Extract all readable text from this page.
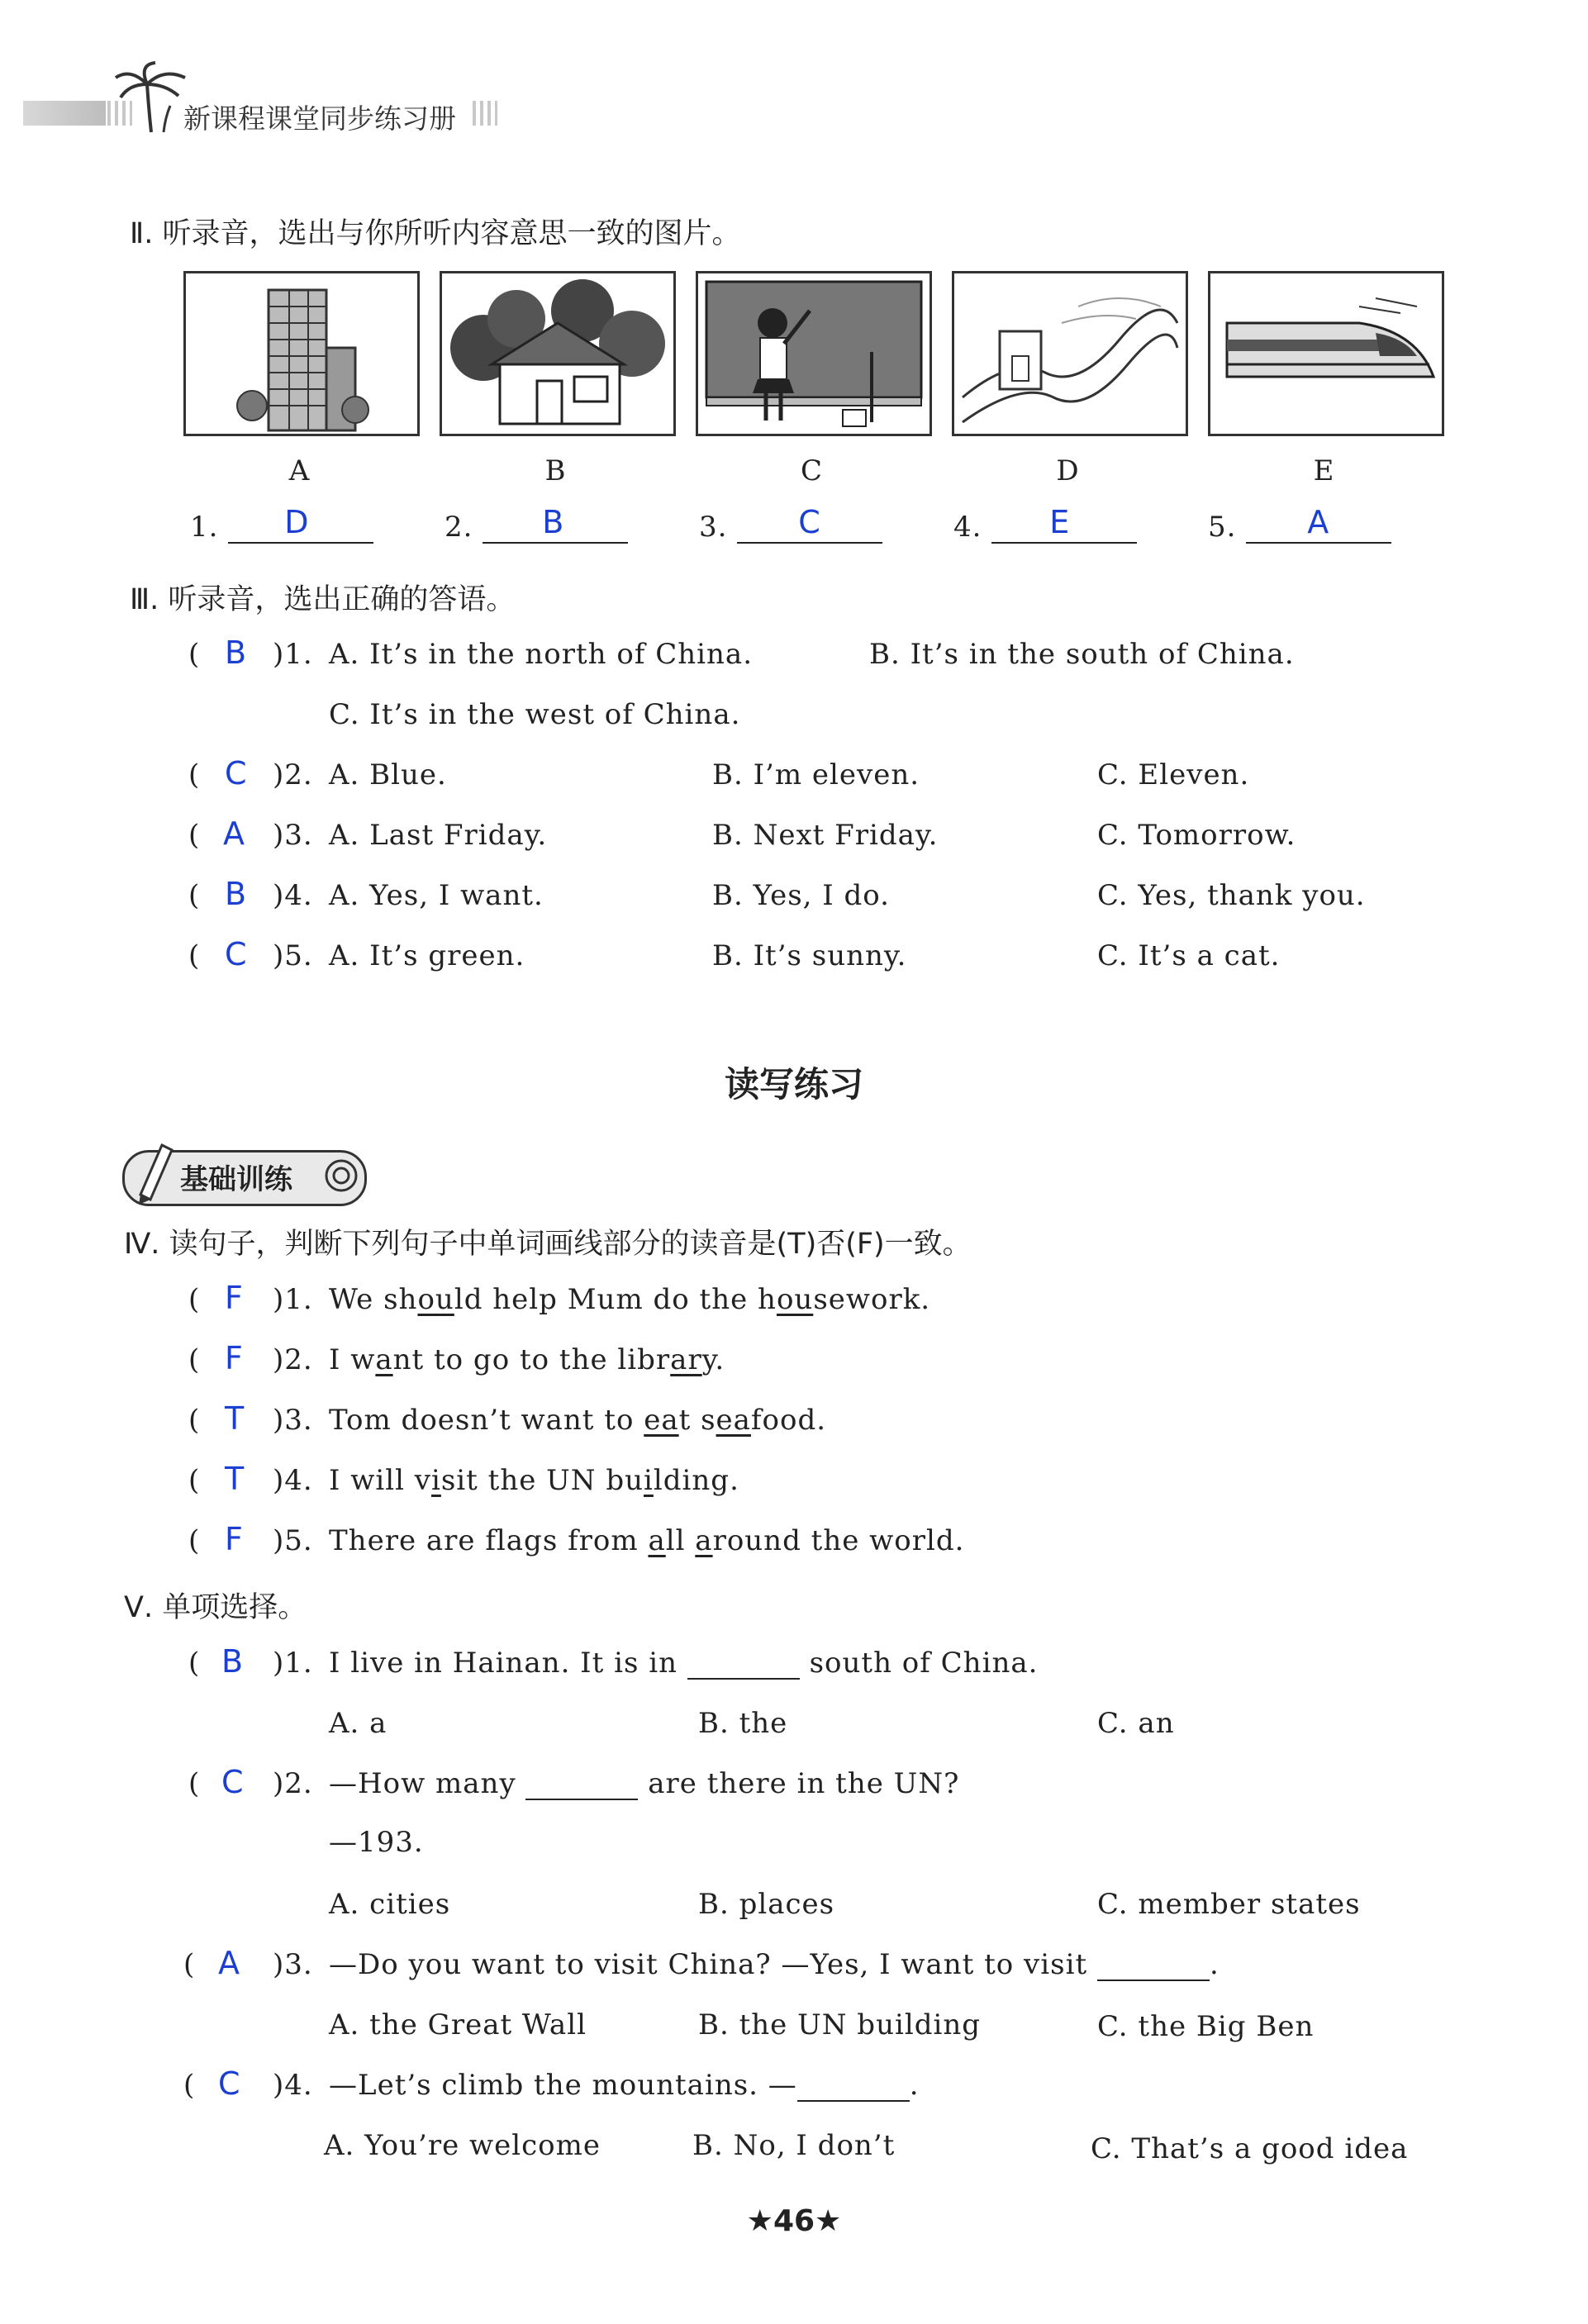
新课程课堂同步练习册
Ⅱ. 听录音，选出与你所听内容意思一致的图片。
A	B	C	D	E
1. D	2. B	3. C	4. E	5. A
Ⅲ. 听录音，选出正确的答语。
( B )1. A. It’s in the north of China.	B. It’s in the south of China.
C. It’s in the west of China.
( C )2. A. Blue.	B. I’m eleven.	C. Eleven.
( A )3. A. Last Friday.	B. Next Friday.	C. Tomorrow.
( B )4. A. Yes, I want.	B. Yes, I do.	C. Yes, thank you.
( C )5. A. It’s green.	B. It’s sunny.	C. It’s a cat.
读写练习
基础训练
Ⅳ. 读句子，判断下列句子中单词画线部分的读音是(T)否(F)一致。
( F )1. We should help Mum do the housework.
( F )2. I want to go to the library.
( T )3. Tom doesn’t want to eat seafood.
( T )4. I will visit the UN building.
( F )5. There are flags from all around the world.
Ⅴ. 单项选择。
( B )1. I live in Hainan. It is in	south of China.
A. a	B. the	C. an
( C )2. —How many	are there in the UN?
—193.
A. cities	B. places	C. member states
( A )3. —Do you want to visit China? —Yes, I want to visit	.
A. the Great Wall	B. the UN building	C. the Big Ben
( C )4. —Let’s climb the mountains. —	.
A. You’re welcome	B. No, I don’t	C. That’s a good idea
★46★
